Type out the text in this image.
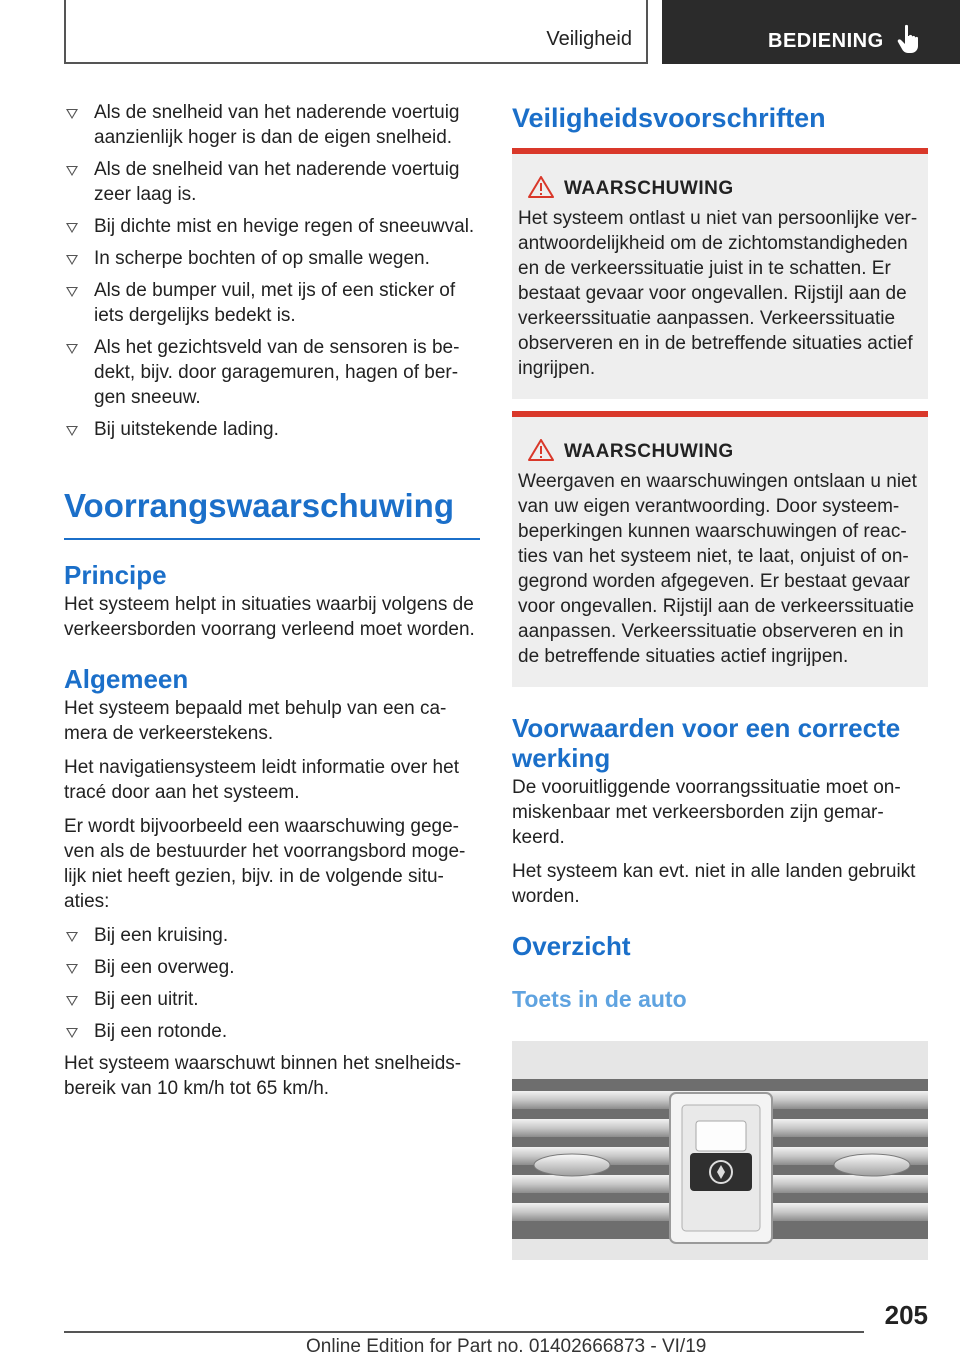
Veiligheid	BEDIENING
Als de snelheid van het naderende voertuig aanzienlijk hoger is dan de eigen snelheid.
Als de snelheid van het naderende voertuig zeer laag is.
Bij dichte mist en hevige regen of sneeuwval.
In scherpe bochten of op smalle wegen.
Als de bumper vuil, met ijs of een sticker of iets dergelijks bedekt is.
Als het gezichtsveld van de sensoren is be-dekt, bijv. door garagemuren, hagen of ber-gen sneeuw.
Bij uitstekende lading.
Voorrangswaarschuwing
Principe

Het systeem helpt in situaties waarbij volgens de verkeersborden voorrang verleend moet worden.

Algemeen

Het systeem bepaald met behulp van een ca-mera de verkeerstekens.

Het navigatiensysteem leidt informatie over het tracé door aan het systeem.

Er wordt bijvoorbeeld een waarschuwing gege-ven als de bestuurder het voorrangsbord moge-lijk niet heeft gezien, bijv. in de volgende situ-aties:

Bij een kruising.
Bij een overweg.
Bij een uitrit.
Bij een rotonde.

Het systeem waarschuwt binnen het snelheids-bereik van 10 km/h tot 65 km/h.

Veiligheidsvoorschriften
WAARSCHUWING

Het systeem ontlast u niet van persoonlijke ver-antwoordelijkheid om de zichtomstandigheden en de verkeerssituatie juist in te schatten. Er bestaat gevaar voor ongevallen. Rijstijl aan de verkeerssituatie aanpassen. Verkeerssituatie observeren en in de betreffende situaties actief ingrijpen.

WAARSCHUWING

Weergaven en waarschuwingen ontslaan u niet van uw eigen verantwoording. Door systeem-beperkingen kunnen waarschuwingen of reac-ties van het systeem niet, te laat, onjuist of on-gegrond worden afgegeven. Er bestaat gevaar voor ongevallen. Rijstijl aan de verkeerssituatie aanpassen. Verkeerssituatie observeren en in de betreffende situaties actief ingrijpen.

Voorwaarden voor een correcte werking

De vooruitliggende voorrangssituatie moet on-miskenbaar met verkeersborden zijn gemar-keerd.

Het systeem kan evt. niet in alle landen gebruikt worden.

Overzicht
Toets in de auto
205
Online Edition for Part no. 01402666873 - VI/19
